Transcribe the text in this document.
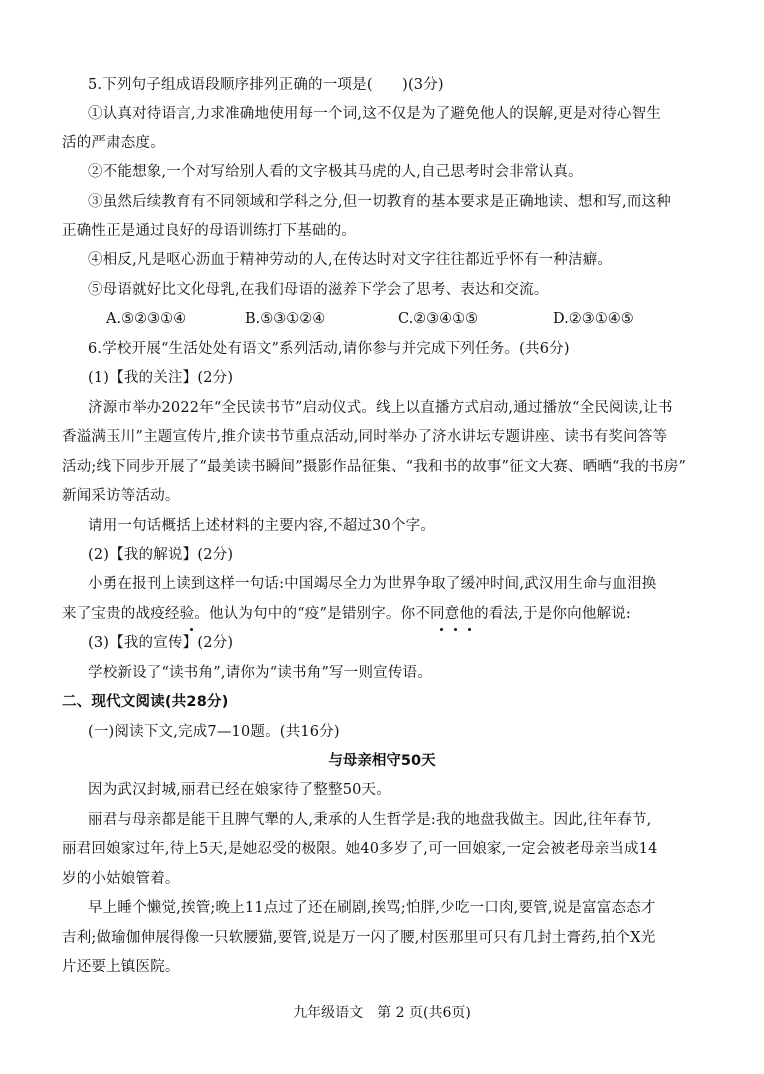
5.下列句子组成语段顺序排列正确的一项是(　　)(3分)
①认真对待语言,力求准确地使用每一个词,这不仅是为了避免他人的误解,更是对待心智生
活的严肃态度。
②不能想象,一个对写给别人看的文字极其马虎的人,自己思考时会非常认真。
③虽然后续教育有不同领域和学科之分,但一切教育的基本要求是正确地读、想和写,而这种
正确性正是通过良好的母语训练打下基础的。
④相反,凡是呕心沥血于精神劳动的人,在传达时对文字往往都近乎怀有一种洁癖。
⑤母语就好比文化母乳,在我们母语的滋养下学会了思考、表达和交流。
A.⑤②③①④	B.⑤③①②④	C.②③④①⑤	D.②③①④⑤
6.学校开展“生活处处有语文”系列活动,请你参与并完成下列任务。(共6分)
(1)【我的关注】(2分)
济源市举办2022年“全民读书节”启动仪式。线上以直播方式启动,通过播放“全民阅读,让书
香溢满玉川”主题宣传片,推介读书节重点活动,同时举办了济水讲坛专题讲座、读书有奖问答等
活动;线下同步开展了“最美读书瞬间”摄影作品征集、“我和书的故事”征文大赛、晒晒“我的书房”
新闻采访等活动。
请用一句话概括上述材料的主要内容,不超过30个字。
(2)【我的解说】(2分)
小勇在报刊上读到这样一句话:中国竭尽全力为世界争取了缓冲时间,武汉用生命与血泪换
来了宝贵的战疫经验。他认为句中的“疫”是错别字。你不同意他的看法,于是你向他解说:
(3)【我的宣传】(2分)
学校新设了“读书角”,请你为“读书角”写一则宣传语。
二、现代文阅读(共28分)
(一)阅读下文,完成7—10题。(共16分)
与母亲相守50天
因为武汉封城,丽君已经在娘家待了整整50天。
丽君与母亲都是能干且脾气犟的人,秉承的人生哲学是:我的地盘我做主。因此,往年春节,
丽君回娘家过年,待上5天,是她忍受的极限。她40多岁了,可一回娘家,一定会被老母亲当成14
岁的小姑娘管着。
早上睡个懒觉,挨管;晚上11点过了还在刷剧,挨骂;怕胖,少吃一口肉,要管,说是富富态态才
吉利;做瑜伽伸展得像一只软腰猫,要管,说是万一闪了腰,村医那里可只有几封土膏药,拍个X光
片还要上镇医院。
九年级语文　第 2 页(共6页)
